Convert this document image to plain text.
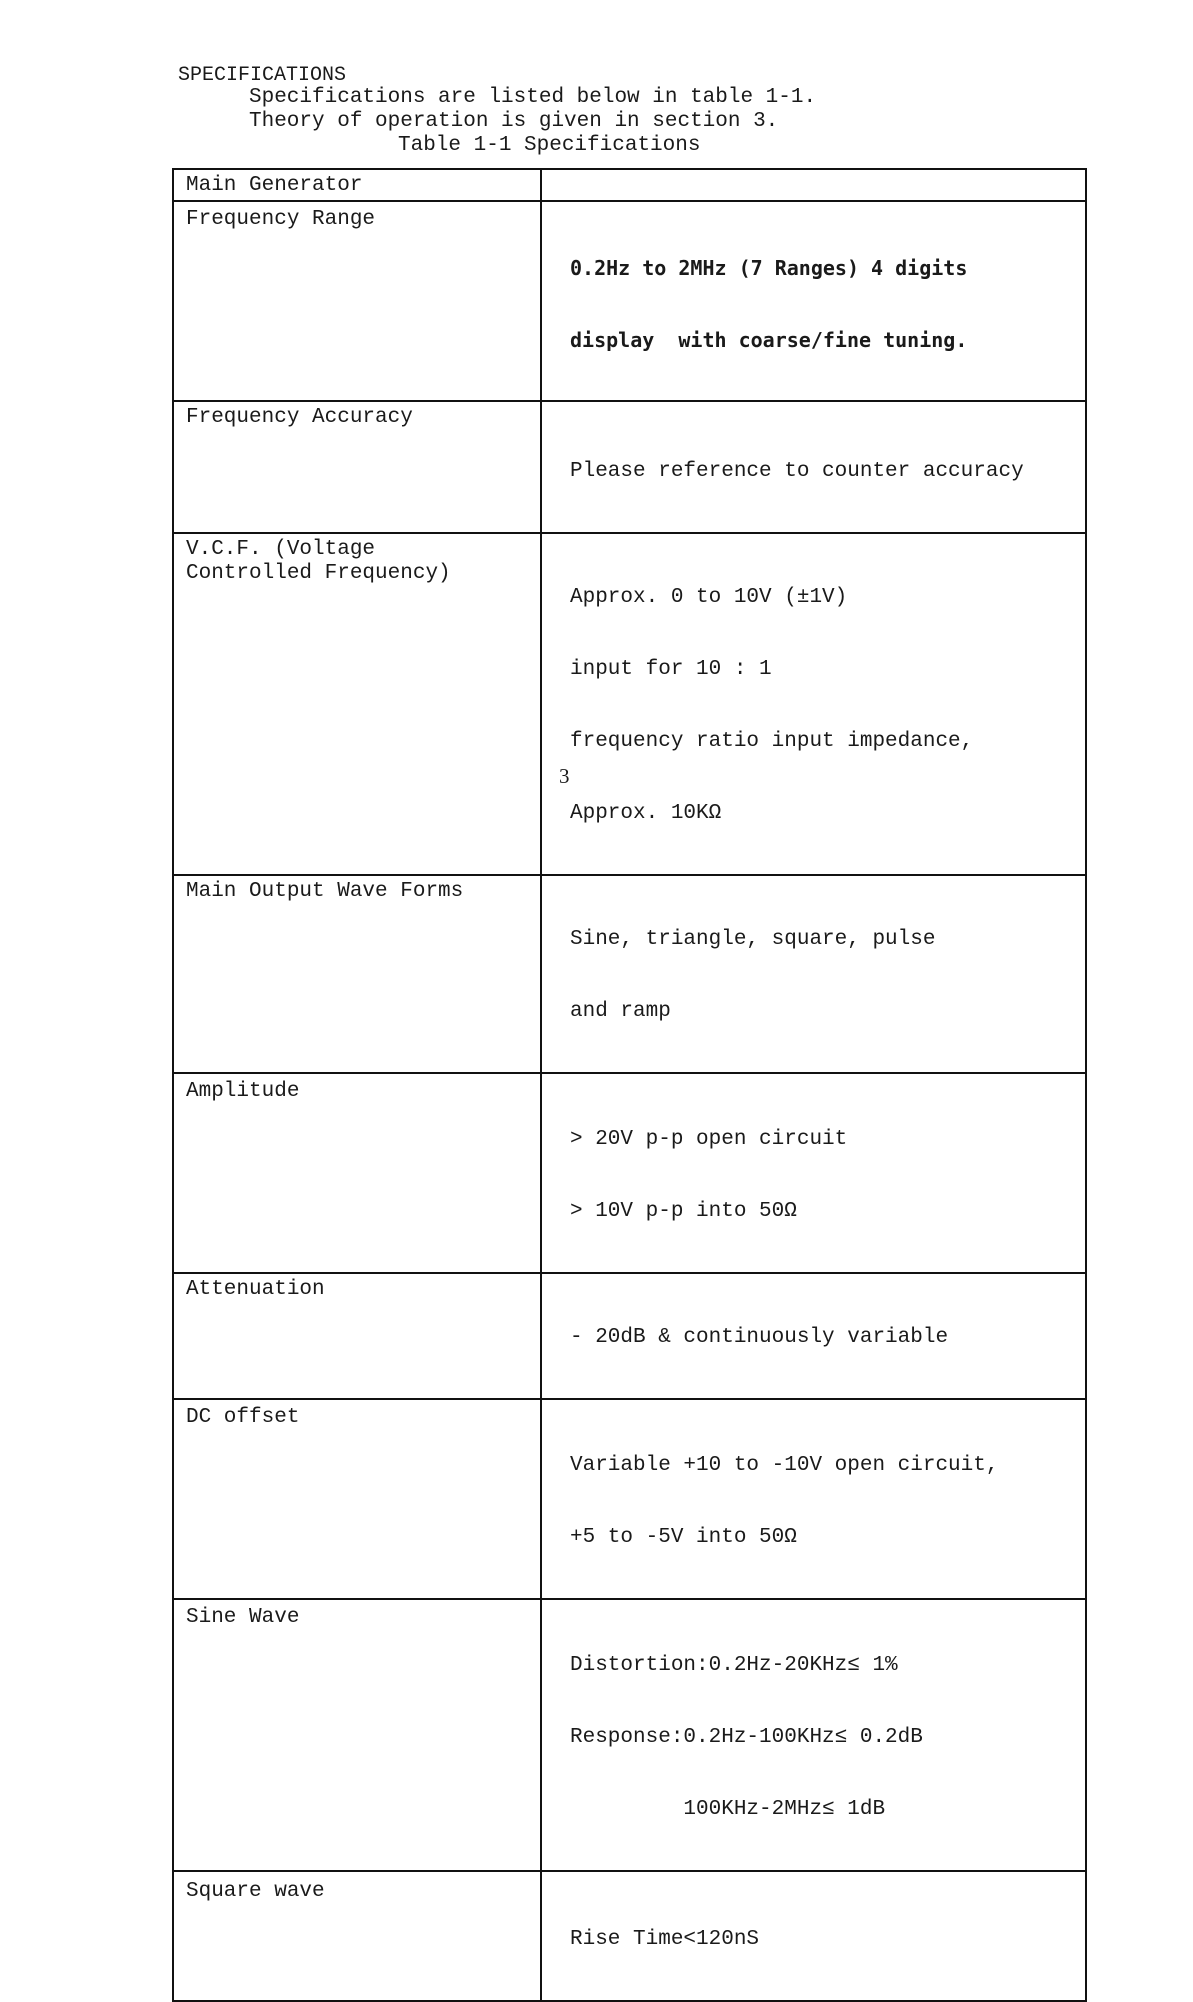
SPECIFICATIONS
Specifications are listed below in table 1-1.
Theory of operation is given in section 3.
Table 1-1 Specifications
Main Generator	
Frequency Range	0.2Hz to 2MHz (7 Ranges) 4 digits

display  with coarse/fine tuning.

Frequency Accuracy	Please reference to counter accuracy

V.C.F. (Voltage
Controlled Frequency)	Approx. 0 to 10V (±1V)

input for 10 : 1

frequency ratio input impedance,

Approx. 10KΩ

Main Output Wave Forms	Sine, triangle, square, pulse

and ramp

Amplitude	> 20V p-p open circuit

> 10V p-p into 50Ω

Attenuation	- 20dB & continuously variable

DC offset	Variable +10 to -10V open circuit,

+5 to -5V into 50Ω

Sine Wave	Distortion:0.2Hz-20KHz≤ 1%

Response:0.2Hz-100KHz≤ 0.2dB

100KHz-2MHz≤ 1dB

Square wave	Rise Time<120nS

3
